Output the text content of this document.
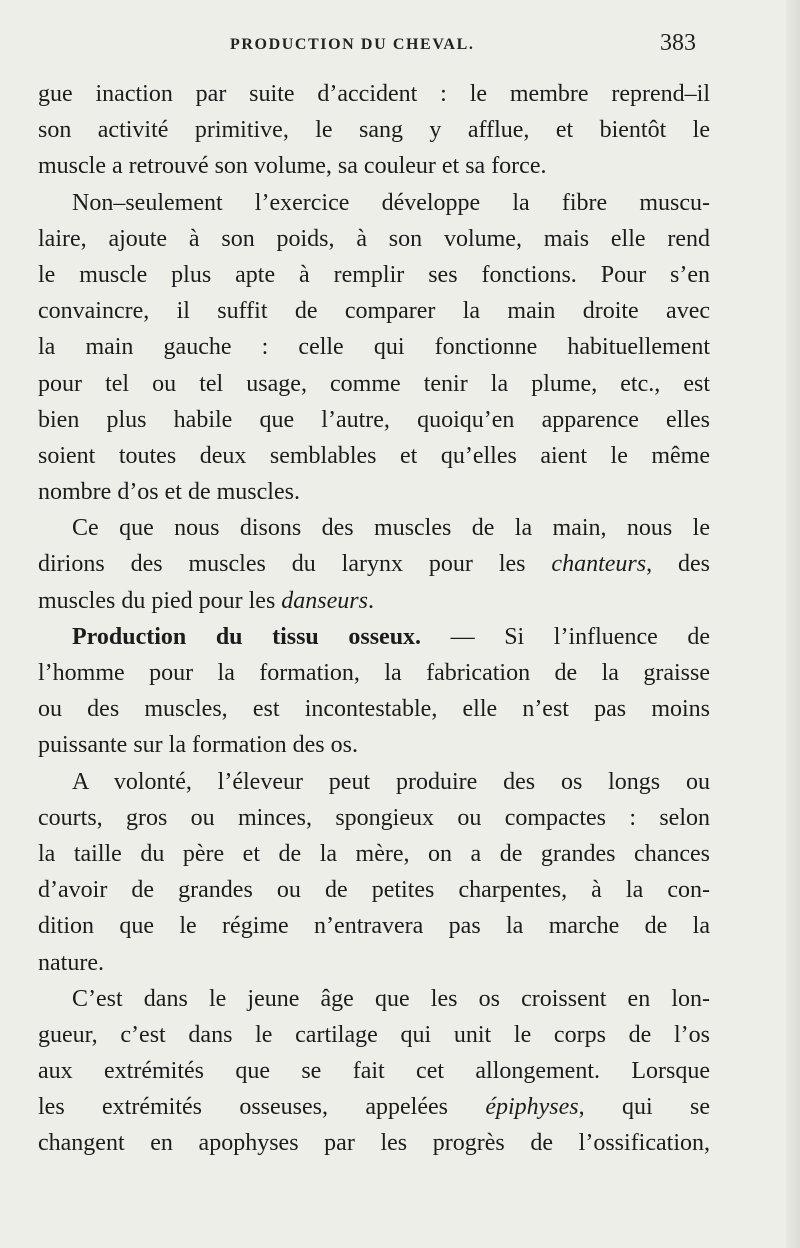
PRODUCTION DU CHEVAL.	383
gue inaction par suite d’accident : le membre reprend–il
son activité primitive, le sang y afflue, et bientôt le
muscle a retrouvé son volume, sa couleur et sa force.
Non–seulement l’exercice développe la fibre muscu-
laire, ajoute à son poids, à son volume, mais elle rend
le muscle plus apte à remplir ses fonctions. Pour s’en
convaincre, il suffit de comparer la main droite avec
la main gauche : celle qui fonctionne habituellement
pour tel ou tel usage, comme tenir la plume, etc., est
bien plus habile que l’autre, quoiqu’en apparence elles
soient toutes deux semblables et qu’elles aient le même
nombre d’os et de muscles.
Ce que nous disons des muscles de la main, nous le
dirions des muscles du larynx pour les chanteurs, des
muscles du pied pour les danseurs.
Production du tissu osseux. — Si l’influence de
l’homme pour la formation, la fabrication de la graisse
ou des muscles, est incontestable, elle n’est pas moins
puissante sur la formation des os.
A volonté, l’éleveur peut produire des os longs ou
courts, gros ou minces, spongieux ou compactes : selon
la taille du père et de la mère, on a de grandes chances
d’avoir de grandes ou de petites charpentes, à la con-
dition que le régime n’entravera pas la marche de la
nature.
C’est dans le jeune âge que les os croissent en lon-
gueur, c’est dans le cartilage qui unit le corps de l’os
aux extrémités que se fait cet allongement. Lorsque
les extrémités osseuses, appelées épiphyses, qui se
changent en apophyses par les progrès de l’ossification,
